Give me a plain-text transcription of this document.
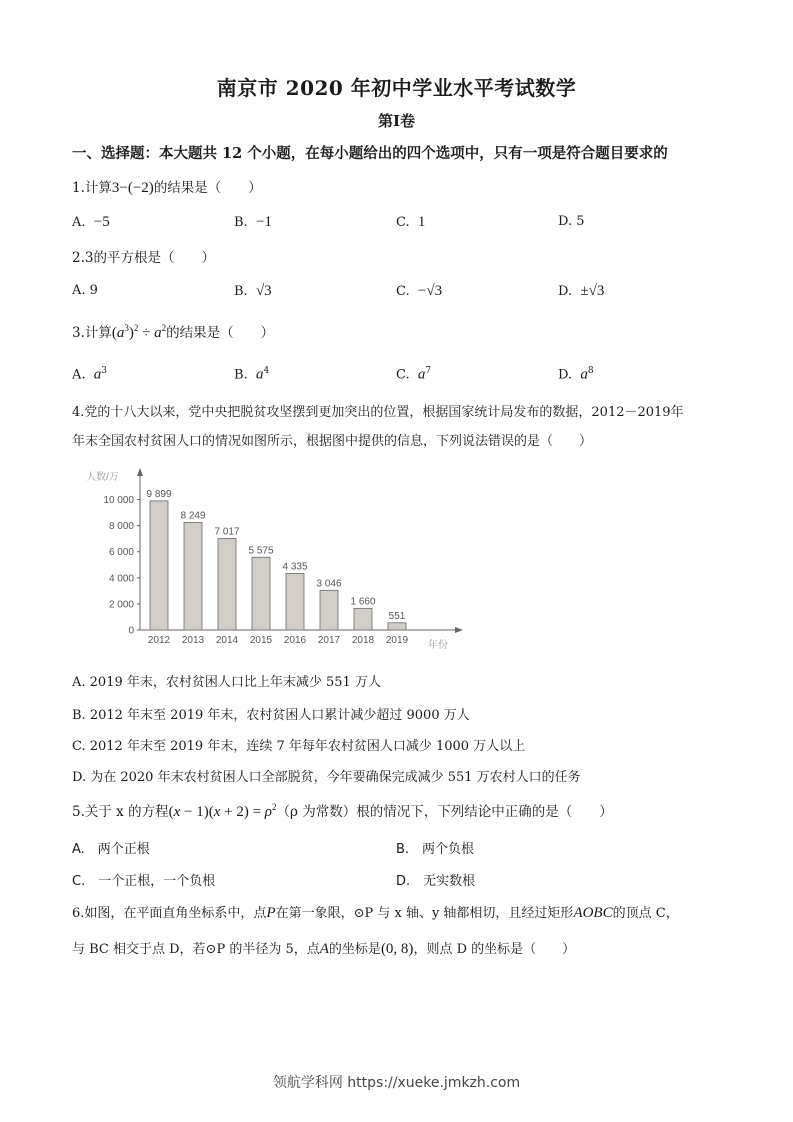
南京市 2020 年初中学业水平考试数学
第Ⅰ卷
一、选择题：本大题共 12 个小题，在每小题给出的四个选项中，只有一项是符合题目要求的
1.计算3−(−2)的结果是（　　）
A. −5	B. −1	C. 1	D. 5
2.3的平方根是（　　）
A. 9	B. √3	C. −√3	D. ±√3
3.计算$(a^3)^2 \div a^2$的结果是（　　）
A. $a^3$	B. $a^4$	C. $a^7$	D. $a^8$
4.党的十八大以来，党中央把脱贫攻坚摆到更加突出的位置，根据国家统计局发布的数据，2012－2019年
年末全国农村贫困人口的情况如图所示，根据图中提供的信息，下列说法错误的是（　　）
人数/万
年份
0
2 000
4 000
6 000
8 000
10 000
9 899
2012
8 249
2013
7 017
2014
5 575
2015
4 335
2016
3 046
2017
1 660
2018
551
2019
A. 2019 年末，农村贫困人口比上年末减少 551 万人
B. 2012 年末至 2019 年末，农村贫困人口累计减少超过 9000 万人
C. 2012 年末至 2019 年末，连续 7 年每年农村贫困人口减少 1000 万人以上
D. 为在 2020 年末农村贫困人口全部脱贫，今年要确保完成减少 551 万农村人口的任务
5.关于 x 的方程$(x - 1)(x + 2) = \rho^2(\rho$ 为常数）根的情况下，下列结论中正确的是（　　）
A.　两个正根	B.　两个负根
C.　一个正根，一个负根	D.　无实数根
6.如图，在平面直角坐标系中，点P在第一象限，⊙P 与 x 轴、y 轴都相切，且经过矩形AOBC的顶点 C，
与 BC 相交于点 D，若⊙P 的半径为 5，点A的坐标是(0, 8)，则点 D 的坐标是（　　）
领航学科网 https://xueke.jmkzh.com
